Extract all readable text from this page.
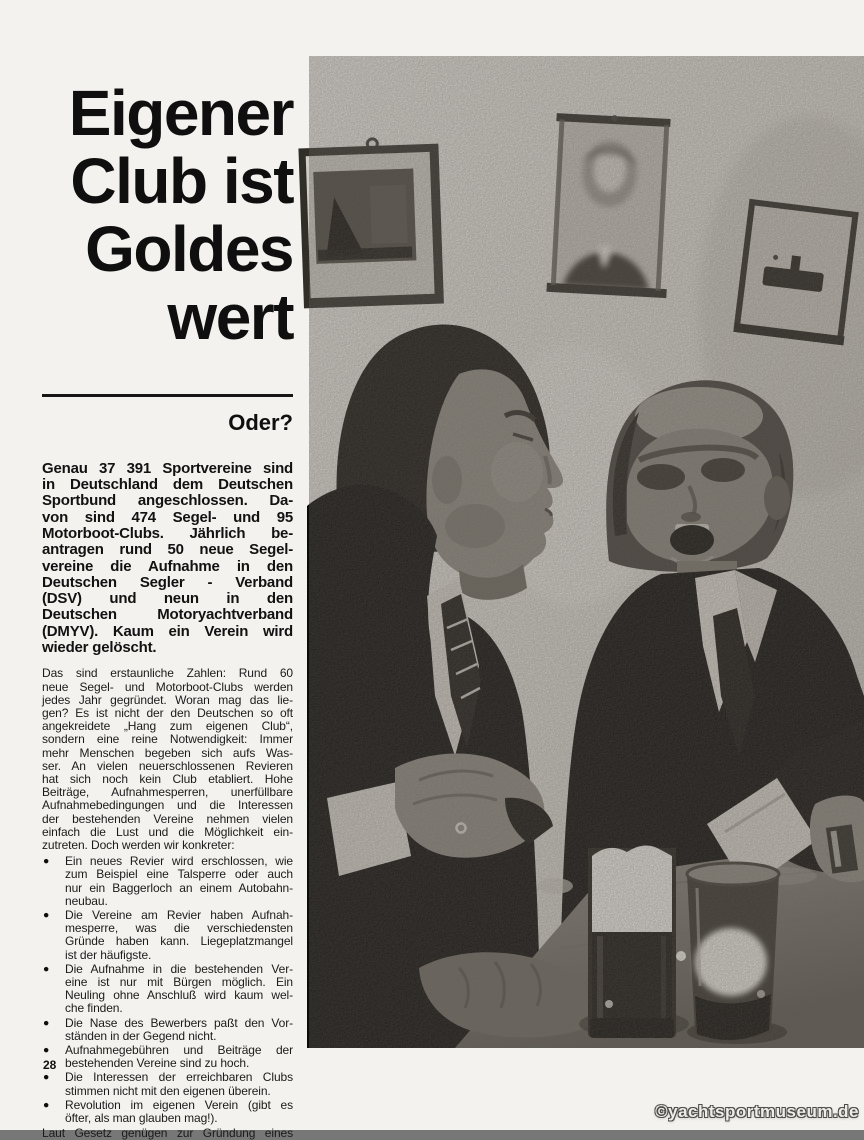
Eigener
Club ist
Goldes
wert
Oder?
Genau 37 391 Sportvereine sind
in Deutschland dem Deutschen
Sportbund angeschlossen. Da-
von sind 474 Segel- und 95
Motorboot-Clubs. Jährlich be-
antragen rund 50 neue Segel-
vereine die Aufnahme in den
Deutschen Segler - Verband
(DSV) und neun in den
Deutschen Motoryachtverband
(DMYV). Kaum ein Verein wird
wieder gelöscht.
Das sind erstaunliche Zahlen: Rund 60
neue Segel- und Motorboot-Clubs werden
jedes Jahr gegründet. Woran mag das lie-
gen? Es ist nicht der den Deutschen so oft
angekreidete „Hang zum eigenen Club“,
sondern eine reine Notwendigkeit: Immer
mehr Menschen begeben sich aufs Was-
ser. An vielen neuerschlossenen Revieren
hat sich noch kein Club etabliert. Hohe
Beiträge, Aufnahmesperren, unerfüllbare
Aufnahmebedingungen und die Interessen
der bestehenden Vereine nehmen vielen
einfach die Lust und die Möglichkeit ein-
zutreten. Doch werden wir konkreter:
●	Ein neues Revier wird erschlossen, wie
zum Beispiel eine Talsperre oder auch
nur ein Baggerloch an einem Autobahn-
neubau.
●	Die Vereine am Revier haben Aufnah-
mesperre, was die verschiedensten
Gründe haben kann. Liegeplatzmangel
ist der häufigste.
●	Die Aufnahme in die bestehenden Ver-
eine ist nur mit Bürgen möglich. Ein
Neuling ohne Anschluß wird kaum wel-
che finden.
●	Die Nase des Bewerbers paßt den Vor-
ständen in der Gegend nicht.
●	Aufnahmegebühren und Beiträge der
bestehenden Vereine sind zu hoch.
●	Die Interessen der erreichbaren Clubs
stimmen nicht mit den eigenen überein.
●	Revolution im eigenen Verein (gibt es
öfter, als man glauben mag!).
Laut Gesetz genügen zur Gründung eines
28
©yachtsportmuseum.de
